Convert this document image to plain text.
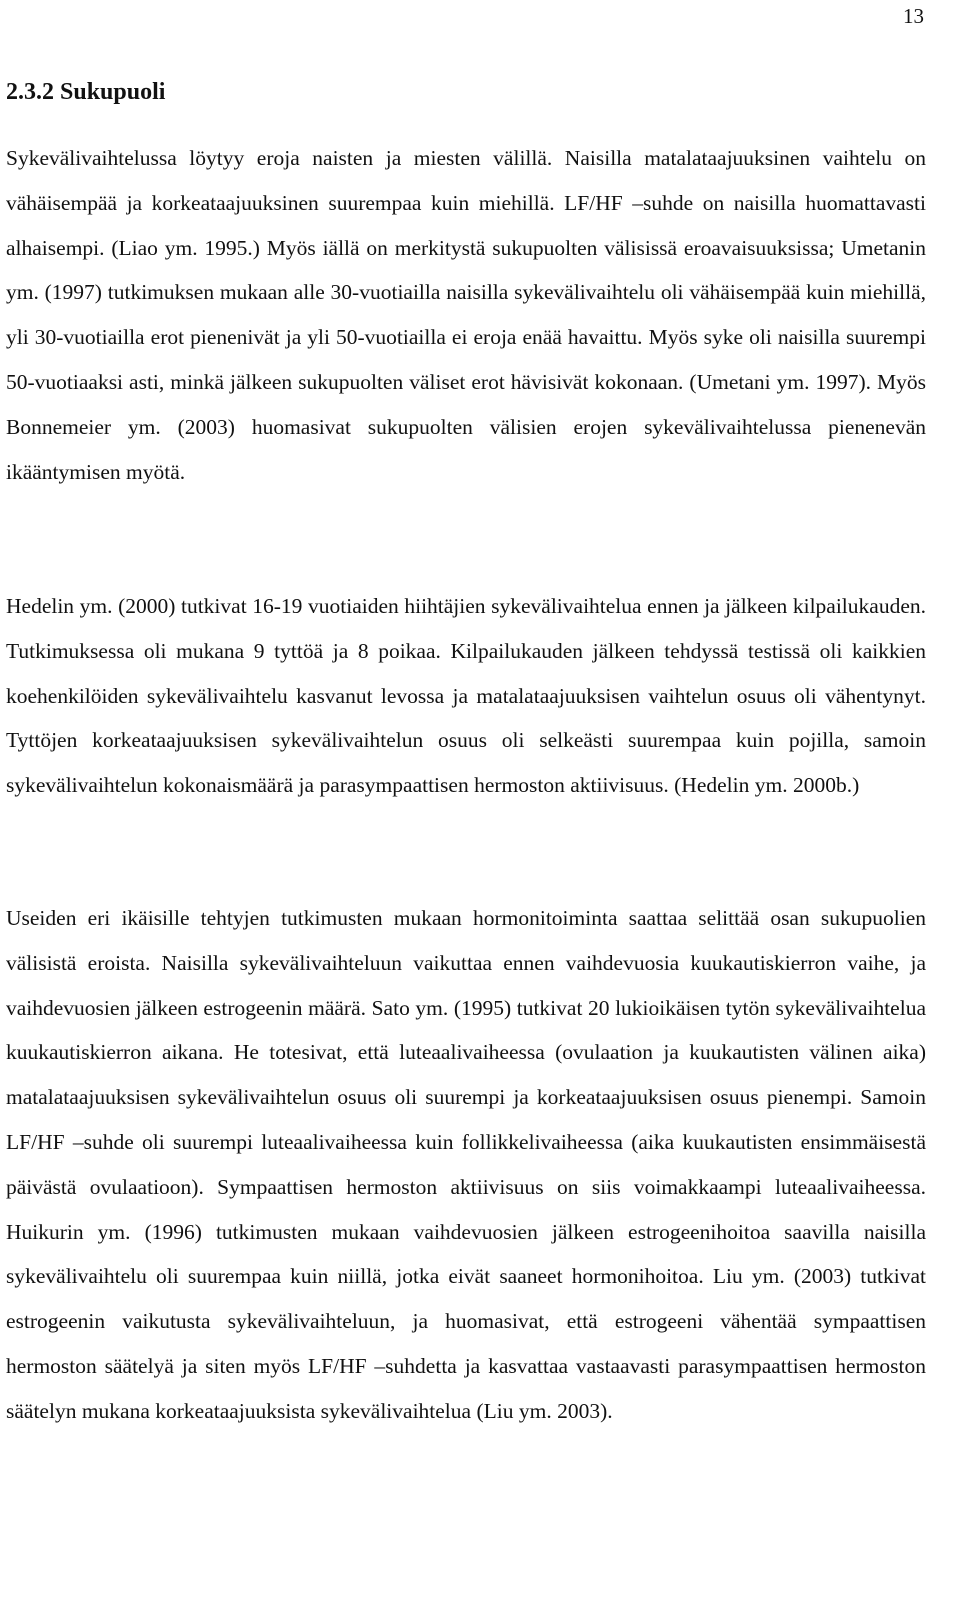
13
2.3.2 Sukupuoli

Sykevälivaihtelussa löytyy eroja naisten ja miesten välillä. Naisilla matalataajuuksinen vaihtelu on vähäisempää ja korkeataajuuksinen suurempaa kuin miehillä. LF/HF –suhde on naisilla huomattavasti alhaisempi. (Liao ym. 1995.) Myös iällä on merkitystä sukupuolten välisissä eroavaisuuksissa; Umetanin ym. (1997) tutkimuksen mukaan alle 30-vuotiailla naisilla sykevälivaihtelu oli vähäisempää kuin miehillä, yli 30-vuotiailla erot pienenivät ja yli 50-vuotiailla ei eroja enää havaittu. Myös syke oli naisilla suurempi 50-vuotiaaksi asti, minkä jälkeen sukupuolten väliset erot hävisivät kokonaan. (Umetani ym. 1997). Myös Bonnemeier ym. (2003) huomasivat sukupuolten välisien erojen sykevälivaihtelussa pienenevän ikääntymisen myötä.

Hedelin ym. (2000) tutkivat 16-19 vuotiaiden hiihtäjien sykevälivaihtelua ennen ja jälkeen kilpailukauden. Tutkimuksessa oli mukana 9 tyttöä ja 8 poikaa. Kilpailukauden jälkeen tehdyssä testissä oli kaikkien koehenkilöiden sykevälivaihtelu kasvanut levossa ja matalataajuuksisen vaihtelun osuus oli vähentynyt. Tyttöjen korkeataajuuksisen sykevälivaihtelun osuus oli selkeästi suurempaa kuin pojilla, samoin sykevälivaihtelun kokonaismäärä ja parasympaattisen hermoston aktiivisuus. (Hedelin ym. 2000b.)

Useiden eri ikäisille tehtyjen tutkimusten mukaan hormonitoiminta saattaa selittää osan sukupuolien välisistä eroista. Naisilla sykevälivaihteluun vaikuttaa ennen vaihdevuosia kuukautiskierron vaihe, ja vaihdevuosien jälkeen estrogeenin määrä. Sato ym. (1995) tutkivat 20 lukioikäisen tytön sykevälivaihtelua kuukautiskierron aikana. He totesivat, että luteaalivaiheessa (ovulaation ja kuukautisten välinen aika) matalataajuuksisen sykevälivaihtelun osuus oli suurempi ja korkeataajuuksisen osuus pienempi. Samoin LF/HF –suhde oli suurempi luteaalivaiheessa kuin follikkelivaiheessa (aika kuukautisten ensimmäisestä päivästä ovulaatioon). Sympaattisen hermoston aktiivisuus on siis voimakkaampi luteaalivaiheessa. Huikurin ym. (1996) tutkimusten mukaan vaihdevuosien jälkeen estrogeenihoitoa saavilla naisilla sykevälivaihtelu oli suurempaa kuin niillä, jotka eivät saaneet hormonihoitoa. Liu ym. (2003) tutkivat estrogeenin vaikutusta sykevälivaihteluun, ja huomasivat, että estrogeeni vähentää sympaattisen hermoston säätelyä ja siten myös LF/HF –suhdetta ja kasvattaa vastaavasti parasympaattisen hermoston säätelyn mukana korkeataajuuksista sykevälivaihtelua (Liu ym. 2003).
